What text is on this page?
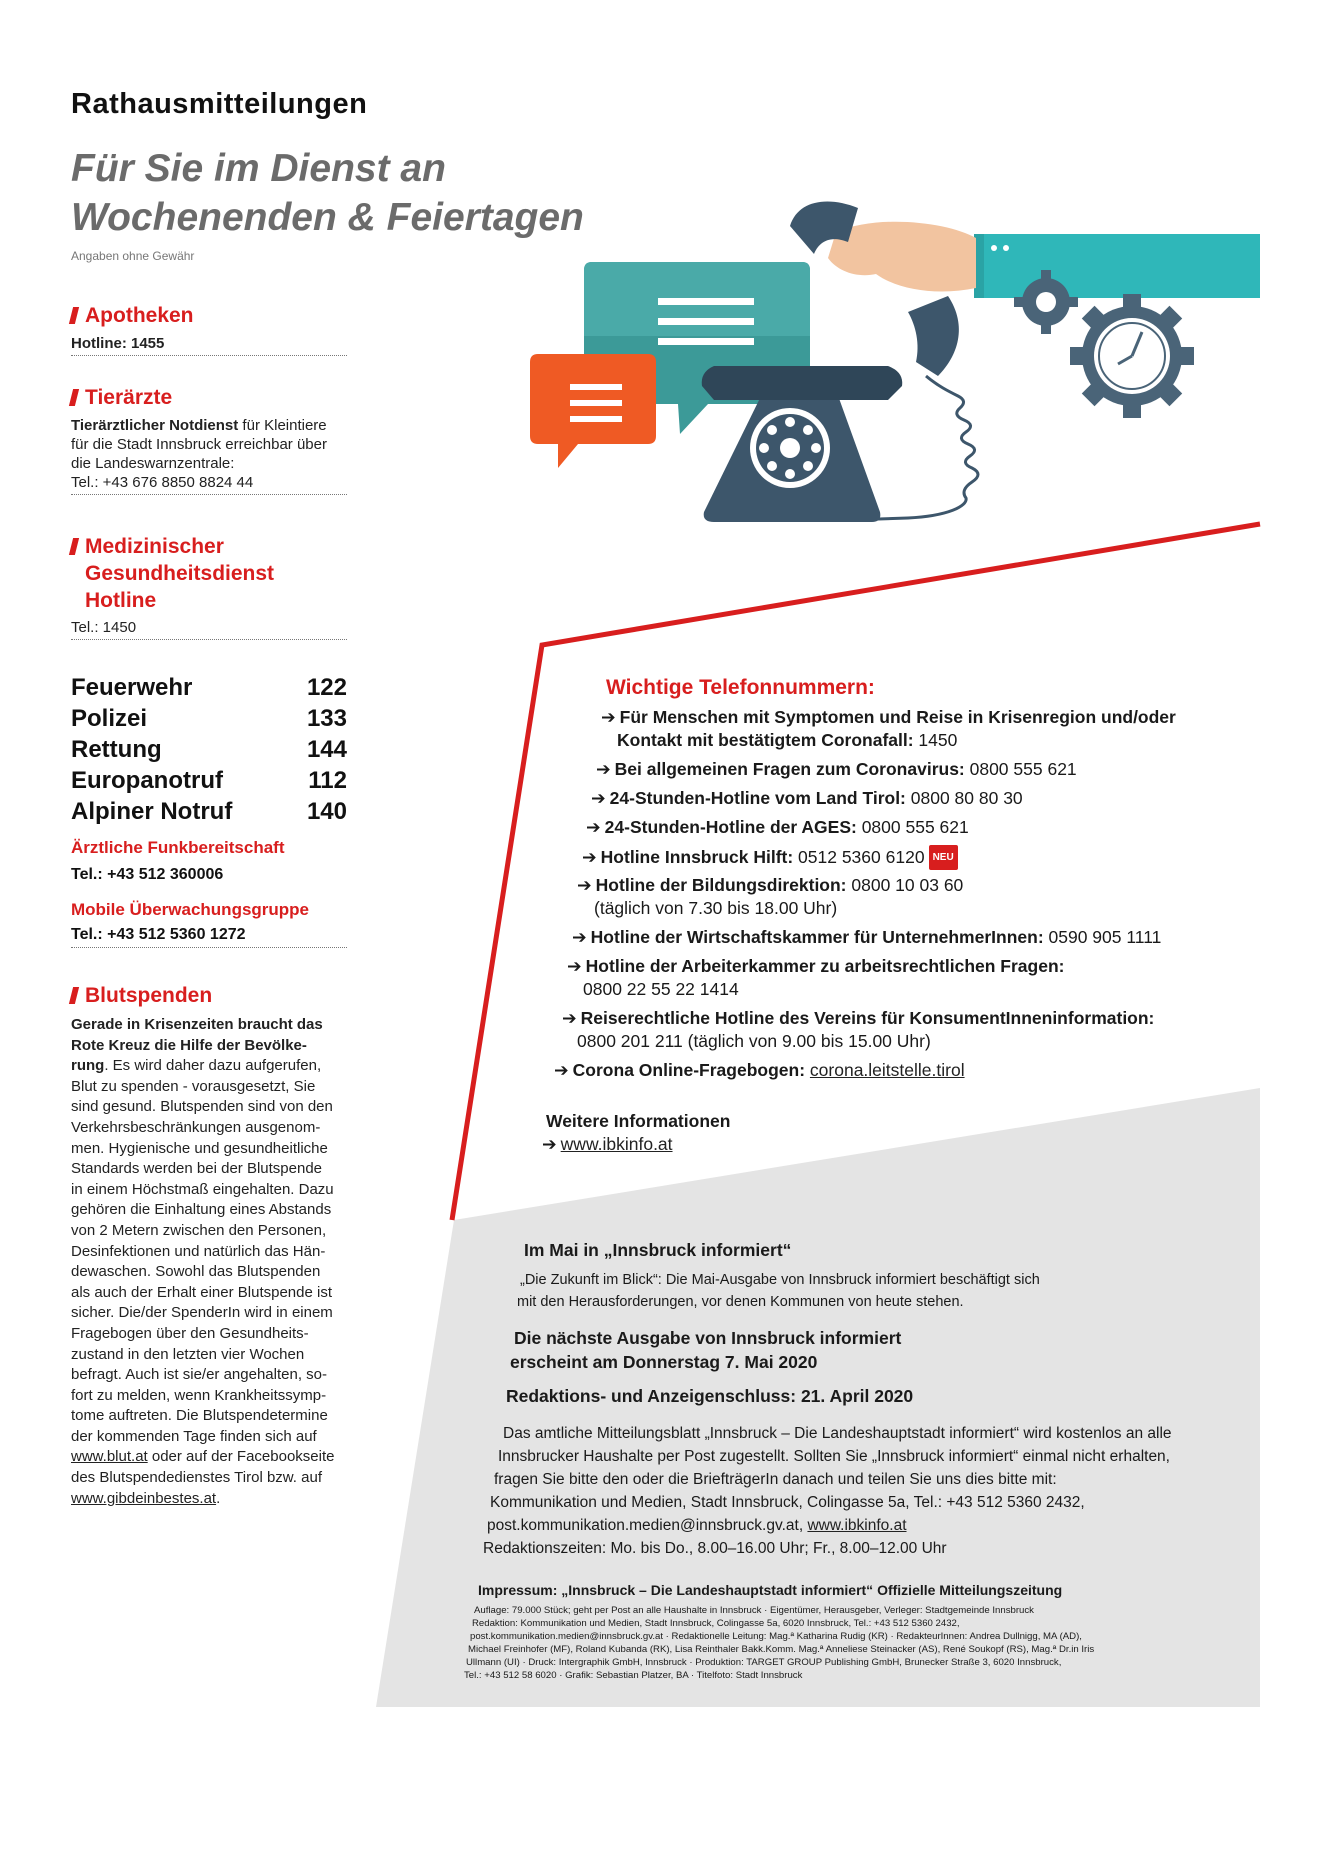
Rathausmitteilungen
Für Sie im Dienst an
Wochenenden & Feiertagen
Angaben ohne Gewähr
Apotheken
Hotline: 1455
Tierärzte
Tierärztlicher Notdienst für Kleintiere
für die Stadt Innsbruck erreichbar über
die Landeswarnzentrale:
Tel.: +43 676 8850 8824 44
Medizinischer
Gesundheitsdienst
Hotline
Tel.: 1450
Feuerwehr	122
Polizei	133
Rettung	144
Europanotruf	112
Alpiner Notruf	140
Ärztliche Funkbereitschaft
Tel.: +43 512 360006
Mobile Überwachungsgruppe
Tel.: +43 512 5360 1272
Blutspenden
Gerade in Krisenzeiten braucht das
Rote Kreuz die Hilfe der Bevölke-
rung. Es wird daher dazu aufgerufen,
Blut zu spenden - vorausgesetzt, Sie
sind gesund. Blutspenden sind von den
Verkehrsbeschränkungen ausgenom-
men. Hygienische und gesundheitliche
Standards werden bei der Blutspende
in einem Höchstmaß eingehalten. Dazu
gehören die Einhaltung eines Abstands
von 2 Metern zwischen den Personen,
Desinfektionen und natürlich das Hän-
dewaschen. Sowohl das Blutspenden
als auch der Erhalt einer Blutspende ist
sicher. Die/der SpenderIn wird in einem
Fragebogen über den Gesundheits-
zustand in den letzten vier Wochen
befragt. Auch ist sie/er angehalten, so-
fort zu melden, wenn Krankheitssymp-
tome auftreten. Die Blutspendetermine
der kommenden Tage finden sich auf
www.blut.at oder auf der Facebookseite
des Blutspendedienstes Tirol bzw. auf
www.gibdeinbestes.at.
Wichtige Telefonnummern:
➔ Für Menschen mit Symptomen und Reise in Krisenregion und/oder
Kontakt mit bestätigtem Coronafall: 1450
➔ Bei allgemeinen Fragen zum Coronavirus: 0800 555 621
➔ 24-Stunden-Hotline vom Land Tirol: 0800 80 80 30
➔ 24-Stunden-Hotline der AGES: 0800 555 621
➔ Hotline Innsbruck Hilft: 0512 5360 6120 NEU
➔ Hotline der Bildungsdirektion: 0800 10 03 60
(täglich von 7.30 bis 18.00 Uhr)
➔ Hotline der Wirtschaftskammer für UnternehmerInnen: 0590 905 1111
➔ Hotline der Arbeiterkammer zu arbeitsrechtlichen Fragen:
0800 22 55 22 1414
➔ Reiserechtliche Hotline des Vereins für KonsumentInneninformation:
0800 201 211 (täglich von 9.00 bis 15.00 Uhr)
➔ Corona Online-Fragebogen: corona.leitstelle.tirol
Weitere Informationen
➔ www.ibkinfo.at
Im Mai in „Innsbruck informiert“
„Die Zukunft im Blick“: Die Mai-Ausgabe von Innsbruck informiert beschäftigt sich
mit den Herausforderungen, vor denen Kommunen von heute stehen.
Die nächste Ausgabe von Innsbruck informiert
erscheint am Donnerstag 7. Mai 2020
Redaktions- und Anzeigenschluss: 21. April 2020
Das amtliche Mitteilungsblatt „Innsbruck – Die Landeshauptstadt informiert“ wird kostenlos an alle
Innsbrucker Haushalte per Post zugestellt. Sollten Sie „Innsbruck informiert“ einmal nicht erhalten,
fragen Sie bitte den oder die BriefträgerIn danach und teilen Sie uns dies bitte mit:
Kommunikation und Medien, Stadt Innsbruck, Colingasse 5a, Tel.: +43 512 5360 2432,
post.kommunikation.medien@innsbruck.gv.at, www.ibkinfo.at
Redaktionszeiten: Mo. bis Do., 8.00–16.00 Uhr; Fr., 8.00–12.00 Uhr
Impressum: „Innsbruck – Die Landeshauptstadt informiert“ Offizielle Mitteilungszeitung
Auflage: 79.000 Stück; geht per Post an alle Haushalte in Innsbruck · Eigentümer, Herausgeber, Verleger: Stadtgemeinde Innsbruck
Redaktion: Kommunikation und Medien, Stadt Innsbruck, Colingasse 5a, 6020 Innsbruck, Tel.: +43 512 5360 2432,
post.kommunikation.medien@innsbruck.gv.at · Redaktionelle Leitung: Mag.ª Katharina Rudig (KR) · RedakteurInnen: Andrea Dullnigg, MA (AD),
Michael Freinhofer (MF), Roland Kubanda (RK), Lisa Reinthaler Bakk.Komm. Mag.ª Anneliese Steinacker (AS), René Soukopf (RS), Mag.ª Dr.in Iris
Ullmann (UI) · Druck: Intergraphik GmbH, Innsbruck · Produktion: TARGET GROUP Publishing GmbH, Brunecker Straße 3, 6020 Innsbruck,
Tel.: +43 512 58 6020 · Grafik: Sebastian Platzer, BA · Titelfoto: Stadt Innsbruck
